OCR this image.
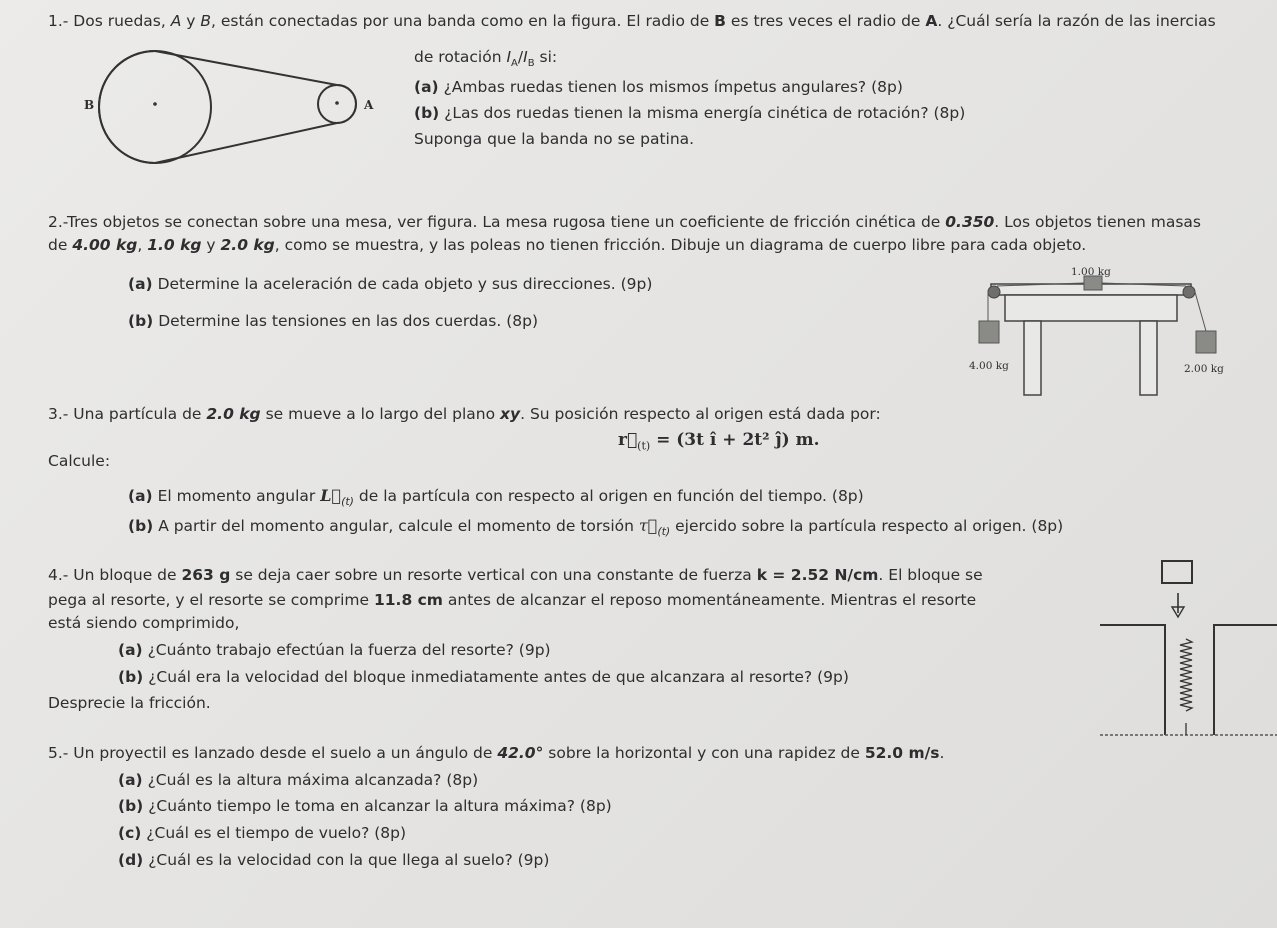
1.- Dos ruedas, A y B, están conectadas por una banda como en la figura. El radio de B es tres veces el radio de A. ¿Cuál sería la razón de las inercias
de rotación $I_A/I_B$ si:
(a) ¿Ambas ruedas tienen los mismos ímpetus angulares? (8p)
(b) ¿Las dos ruedas tienen la misma energía cinética de rotación? (8p)
Suponga que la banda no se patina.
B	A
2.-Tres objetos se conectan sobre una mesa, ver figura. La mesa rugosa tiene un coeficiente de fricción cinética de 0.350. Los objetos tienen masas
de 4.00 kg, 1.0 kg y 2.0 kg, como se muestra, y las poleas no tienen fricción. Dibuje un diagrama de cuerpo libre para cada objeto.
(a) Determine la aceleración de cada objeto y sus direcciones. (9p)
(b) Determine las tensiones en las dos cuerdas. (8p)
1.00 kg
4.00 kg	2.00 kg
3.- Una partícula de 2.0 kg se mueve a lo largo del plano xy. Su posición respecto al origen está dada por:
$r⃗_{(t)} = (3t$ î + 2t² ĵ) m.
Calcule:
(a) El momento angular $L⃗_{(t)}$ de la partícula con respecto al origen en función del tiempo. (8p)
(b) A partir del momento angular, calcule el momento de torsión $\tau⃗_{(t)}$ ejercido sobre la partícula respecto al origen. (8p)
4.- Un bloque de 263 g se deja caer sobre un resorte vertical con una constante de fuerza k = 2.52 N/cm. El bloque se
pega al resorte, y el resorte se comprime 11.8 cm antes de alcanzar el reposo momentáneamente. Mientras el resorte
está siendo comprimido,
(a) ¿Cuánto trabajo efectúan la fuerza del resorte? (9p)
(b) ¿Cuál era la velocidad del bloque inmediatamente antes de que alcanzara al resorte? (9p)
Desprecie la fricción.
5.- Un proyectil es lanzado desde el suelo a un ángulo de 42.0° sobre la horizontal y con una rapidez de 52.0 m/s.
(a) ¿Cuál es la altura máxima alcanzada? (8p)
(b) ¿Cuánto tiempo le toma en alcanzar la altura máxima? (8p)
(c) ¿Cuál es el tiempo de vuelo? (8p)
(d) ¿Cuál es la velocidad con la que llega al suelo? (9p)
